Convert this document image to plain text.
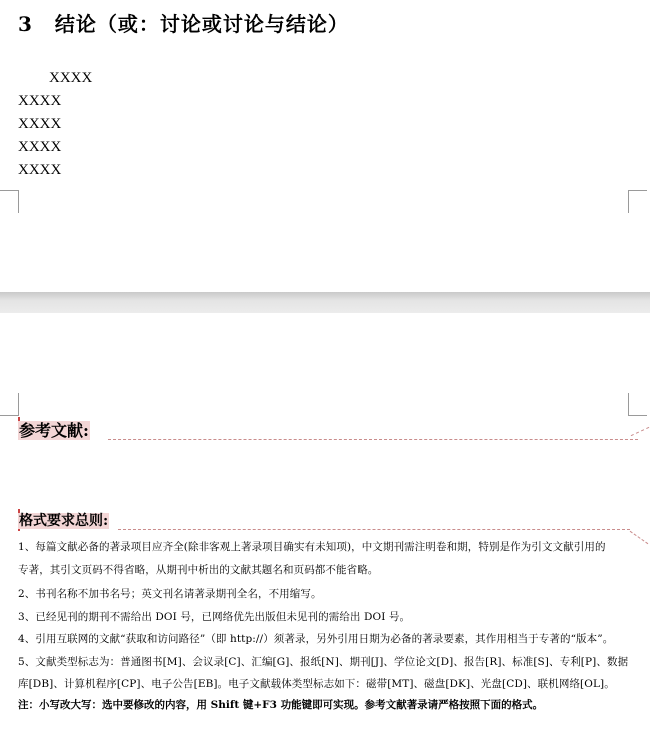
3 结论（或：讨论或讨论与结论）
XXXX
XXXX
XXXX
XXXX
XXXX
参考文献:
格式要求总则:
1、每篇文献必备的著录项目应齐全(除非客观上著录项目确实有未知项)，中文期刊需注明卷和期，特别是作为引文文献引用的
专著，其引文页码不得省略，从期刊中析出的文献其题名和页码都不能省略。
2、书刊名称不加书名号；英文刊名请著录期刊全名，不用缩写。
3、已经见刊的期刊不需给出 DOI 号，已网络优先出版但未见刊的需给出 DOI 号。
4、引用互联网的文献“获取和访问路径”（即 http://）须著录，另外引用日期为必备的著录要素，其作用相当于专著的“版本”。
5、文献类型标志为：普通图书[M]、会议录[C]、汇编[G]、报纸[N]、期刊[J]、学位论文[D]、报告[R]、标准[S]、专利[P]、数据
库[DB]、计算机程序[CP]、电子公告[EB]。电子文献载体类型标志如下：磁带[MT]、磁盘[DK]、光盘[CD]、联机网络[OL]。
注：小写改大写：选中要修改的内容，用 Shift 键+F3 功能键即可实现。参考文献著录请严格按照下面的格式。
